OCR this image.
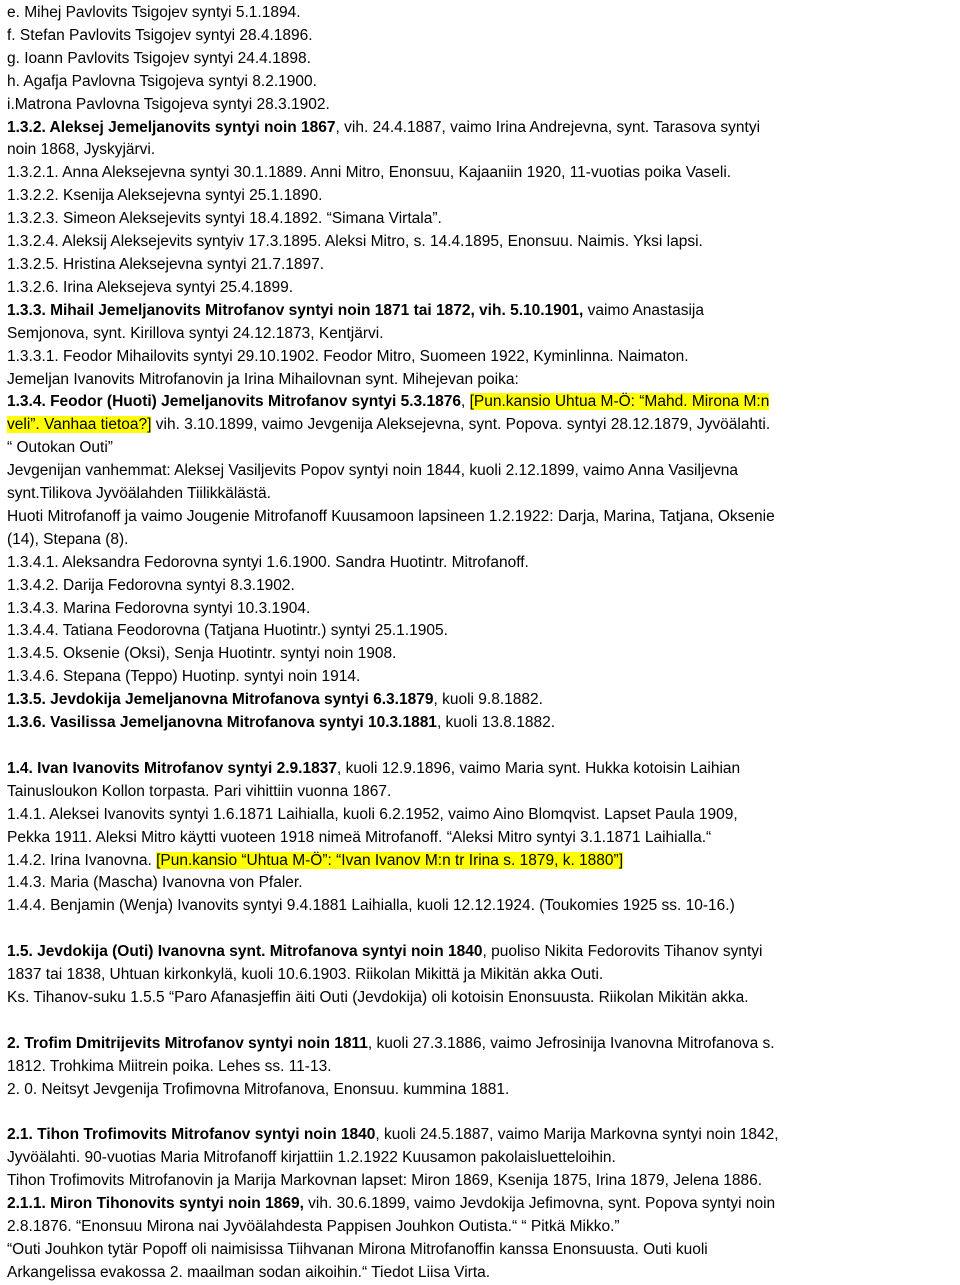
e. Mihej Pavlovits Tsigojev syntyi 5.1.1894.
f. Stefan Pavlovits Tsigojev syntyi 28.4.1896.
g. Ioann Pavlovits Tsigojev syntyi 24.4.1898.
h. Agafja Pavlovna Tsigojeva syntyi 8.2.1900.
i.Matrona Pavlovna Tsigojeva syntyi 28.3.1902.
1.3.2. Aleksej Jemeljanovits syntyi noin 1867, vih. 24.4.1887, vaimo Irina Andrejevna, synt. Tarasova syntyi
noin 1868, Jyskyjärvi.
1.3.2.1. Anna Aleksejevna syntyi 30.1.1889. Anni Mitro, Enonsuu, Kajaaniin 1920, 11-vuotias poika Vaseli.
1.3.2.2. Ksenija Aleksejevna syntyi 25.1.1890.
1.3.2.3. Simeon Aleksejevits syntyi 18.4.1892. “Simana Virtala”.
1.3.2.4. Aleksij Aleksejevits syntyiv 17.3.1895. Aleksi Mitro, s. 14.4.1895, Enonsuu. Naimis. Yksi lapsi.
1.3.2.5. Hristina Aleksejevna syntyi 21.7.1897.
1.3.2.6. Irina Aleksejeva syntyi 25.4.1899.
1.3.3. Mihail Jemeljanovits Mitrofanov syntyi noin 1871 tai 1872, vih. 5.10.1901, vaimo Anastasija
Semjonova, synt. Kirillova syntyi 24.12.1873, Kentjärvi.
1.3.3.1. Feodor Mihailovits syntyi 29.10.1902. Feodor Mitro, Suomeen 1922, Kyminlinna. Naimaton.
Jemeljan Ivanovits Mitrofanovin ja Irina Mihailovnan synt. Mihejevan poika:
1.3.4. Feodor (Huoti) Jemeljanovits Mitrofanov syntyi 5.3.1876, [Pun.kansio Uhtua M-Ö: “Mahd. Mirona M:n
veli”. Vanhaa tietoa?] vih. 3.10.1899, vaimo Jevgenija Aleksejevna, synt. Popova. syntyi 28.12.1879, Jyvöälahti.
“ Outokan Outi”
Jevgenijan vanhemmat: Aleksej Vasiljevits Popov syntyi noin 1844, kuoli 2.12.1899, vaimo Anna Vasiljevna
synt.Tilikova Jyvöälahden Tiilikkälästä.
Huoti Mitrofanoff ja vaimo Jougenie Mitrofanoff Kuusamoon lapsineen 1.2.1922: Darja, Marina, Tatjana, Oksenie
(14), Stepana (8).
1.3.4.1. Aleksandra Fedorovna syntyi 1.6.1900. Sandra Huotintr. Mitrofanoff.
1.3.4.2. Darija Fedorovna syntyi 8.3.1902.
1.3.4.3. Marina Fedorovna syntyi 10.3.1904.
1.3.4.4. Tatiana Feodorovna (Tatjana Huotintr.) syntyi 25.1.1905.
1.3.4.5. Oksenie (Oksi), Senja Huotintr. syntyi noin 1908.
1.3.4.6. Stepana (Teppo) Huotinp. syntyi noin 1914.
1.3.5. Jevdokija Jemeljanovna Mitrofanova syntyi 6.3.1879, kuoli 9.8.1882.
1.3.6. Vasilissa Jemeljanovna Mitrofanova syntyi 10.3.1881, kuoli 13.8.1882.
1.4. Ivan Ivanovits Mitrofanov syntyi 2.9.1837, kuoli 12.9.1896, vaimo Maria synt. Hukka kotoisin Laihian
Tainusloukon Kollon torpasta. Pari vihittiin vuonna 1867.
1.4.1. Aleksei Ivanovits syntyi 1.6.1871 Laihialla, kuoli 6.2.1952, vaimo Aino Blomqvist. Lapset Paula 1909,
Pekka 1911. Aleksi Mitro käytti vuoteen 1918 nimeä Mitrofanoff. “Aleksi Mitro syntyi 3.1.1871 Laihialla.“
1.4.2. Irina Ivanovna. [Pun.kansio “Uhtua M-Ö”: “Ivan Ivanov M:n tr Irina s. 1879, k. 1880”]
1.4.3. Maria (Mascha) Ivanovna von Pfaler.
1.4.4. Benjamin (Wenja) Ivanovits syntyi 9.4.1881 Laihialla, kuoli 12.12.1924. (Toukomies 1925 ss. 10-16.)
1.5. Jevdokija (Outi) Ivanovna synt. Mitrofanova syntyi noin 1840, puoliso Nikita Fedorovits Tihanov syntyi
1837 tai 1838, Uhtuan kirkonkylä, kuoli 10.6.1903. Riikolan Mikittä ja Mikitän akka Outi.
Ks. Tihanov-suku 1.5.5 “Paro Afanasjeffin äiti Outi (Jevdokija) oli kotoisin Enonsuusta. Riikolan Mikitän akka.
2. Trofim Dmitrijevits Mitrofanov syntyi noin 1811, kuoli 27.3.1886, vaimo Jefrosinija Ivanovna Mitrofanova s.
1812. Trohkima Miitrein poika. Lehes ss. 11-13.
2. 0. Neitsyt Jevgenija Trofimovna Mitrofanova, Enonsuu. kummina 1881.
2.1. Tihon Trofimovits Mitrofanov syntyi noin 1840, kuoli 24.5.1887, vaimo Marija Markovna syntyi noin 1842,
Jyvöälahti. 90-vuotias Maria Mitrofanoff kirjattiin 1.2.1922 Kuusamon pakolaisluetteloihin.
Tihon Trofimovits Mitrofanovin ja Marija Markovnan lapset: Miron 1869, Ksenija 1875, Irina 1879, Jelena 1886.
2.1.1. Miron Tihonovits syntyi noin 1869, vih. 30.6.1899, vaimo Jevdokija Jefimovna, synt. Popova syntyi noin
2.8.1876. “Enonsuu Mirona nai Jyvöälahdesta Pappisen Jouhkon Outista.“ “ Pitkä Mikko.”
“Outi Jouhkon tytär Popoff oli naimisissa Tiihvanan Mirona Mitrofanoffin kanssa Enonsuusta. Outi kuoli
Arkangelissa evakossa 2. maailman sodan aikoihin.“ Tiedot Liisa Virta.
